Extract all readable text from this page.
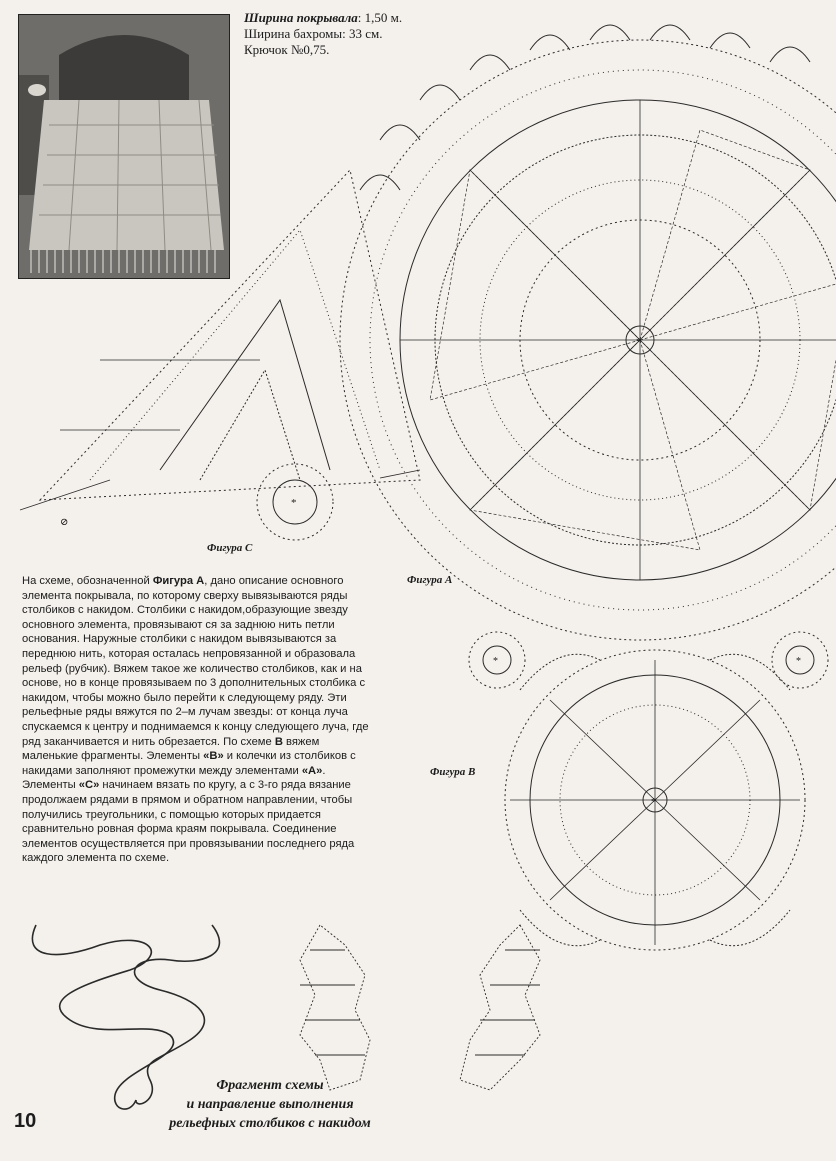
Ширина покрывала: 1,50 м.
Ширина бахромы: 33 см.
Крючок №0,75.
*
*
⊘
*	*
*
Фигура С
Фигура А
Фигура В
На схеме, обозначенной Фигура А, дано описание основного элемента покрывала, по которому сверху вывязываются ряды столбиков с накидом. Столбики с накидом,образующие звезду основного элемента, провязывают ся за заднюю нить петли основания. Наружные столбики с накидом вывязываются за переднюю нить, которая осталась непровязанной и образовала рельеф (рубчик). Вяжем такое же количество столбиков, как и на основе, но в конце провязываем по 3 дополнительных столбика с накидом, чтобы можно было перейти к следующему ряду. Эти рельефные ряды вяжутся по 2–м лучам звезды: от конца луча спускаемся к центру и поднимаемся к концу следующего луча, где ряд заканчивается и нить обрезается. По схеме В вяжем маленькие фрагменты. Элементы «В» и колечки из столбиков с накидами заполняют промежутки между элементами «А». Элементы «С» начинаем вязать по кругу, а с 3-го ряда вязание продолжаем рядами в прямом и обратном направлении, чтобы получились треугольники, с помощью которых придается сравнительно ровная форма краям покрывала. Соединение элементов осуществляется при провязывании последнего ряда каждого элемента по схеме.
Фрагмент схемы
и направление выполнения
рельефных столбиков с накидом
10
